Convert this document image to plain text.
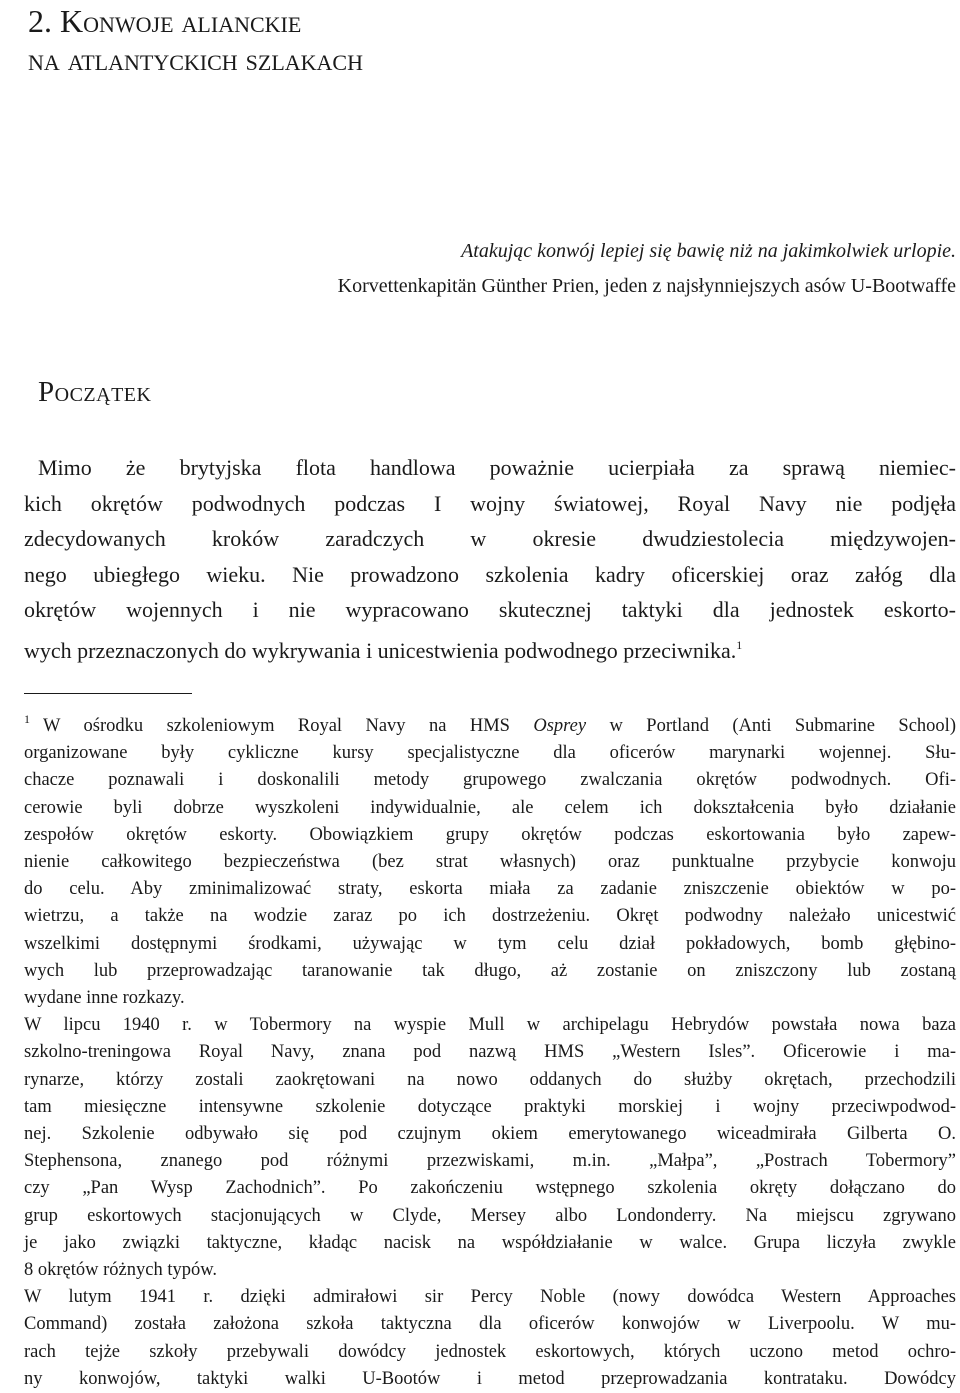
2. Konwoje alianckie
na atlantyckich szlakach
Atakując konwój lepiej się bawię niż na jakimkolwiek urlopie.
Korvettenkapitän Günther Prien, jeden z najsłynniejszych asów U-Bootwaffe
Początek
Mimo że brytyjska flota handlowa poważnie ucierpiała za sprawą niemiec-
kich okrętów podwodnych podczas I wojny światowej, Royal Navy nie podjęła
zdecydowanych kroków zaradczych w okresie dwudziestolecia międzywojen-
nego ubiegłego wieku. Nie prowadzono szkolenia kadry oficerskiej oraz załóg dla
okrętów wojennych i nie wypracowano skutecznej taktyki dla jednostek eskorto-
wych przeznaczonych do wykrywania i unicestwienia podwodnego przeciwnika.$^1$

$^1$ W ośrodku szkoleniowym Royal Navy na HMS Osprey w Portland (Anti Submarine School)
organizowane były cykliczne kursy specjalistyczne dla oficerów marynarki wojennej. Słu-
chacze poznawali i doskonalili metody grupowego zwalczania okrętów podwodnych. Ofi-
cerowie byli dobrze wyszkoleni indywidualnie, ale celem ich dokształcenia było działanie
zespołów okrętów eskorty. Obowiązkiem grupy okrętów podczas eskortowania było zapew-
nienie całkowitego bezpieczeństwa (bez strat własnych) oraz punktualne przybycie konwoju
do celu. Aby zminimalizować straty, eskorta miała za zadanie zniszczenie obiektów w po-
wietrzu, a także na wodzie zaraz po ich dostrzeżeniu. Okręt podwodny należało unicestwić
wszelkimi dostępnymi środkami, używając w tym celu dział pokładowych, bomb głębino-
wych lub przeprowadzając taranowanie tak długo, aż zostanie on zniszczony lub zostaną
wydane inne rozkazy.

W lipcu 1940 r. w Tobermory na wyspie Mull w archipelagu Hebrydów powstała nowa baza
szkolno-treningowa Royal Navy, znana pod nazwą HMS „Western Isles”. Oficerowie i ma-
rynarze, którzy zostali zaokrętowani na nowo oddanych do służby okrętach, przechodzili
tam miesięczne intensywne szkolenie dotyczące praktyki morskiej i wojny przeciwpodwod-
nej. Szkolenie odbywało się pod czujnym okiem emerytowanego wiceadmirała Gilberta O.
Stephensona, znanego pod różnymi przezwiskami, m.in. „Małpa”, „Postrach Tobermory”
czy „Pan Wysp Zachodnich”. Po zakończeniu wstępnego szkolenia okręty dołączano do
grup eskortowych stacjonujących w Clyde, Mersey albo Londonderry. Na miejscu zgrywano
je jako związki taktyczne, kładąc nacisk na współdziałanie w walce. Grupa liczyła zwykle
8 okrętów różnych typów.

W lutym 1941 r. dzięki admirałowi sir Percy Noble (nowy dowódca Western Approaches
Command) została założona szkoła taktyczna dla oficerów konwojów w Liverpoolu. W mu-
rach tejże szkoły przebywali dowódcy jednostek eskortowych, których uczono metod ochro-
ny konwojów, taktyki walki U-Bootów i metod przeprowadzania kontrataku. Dowódcy
